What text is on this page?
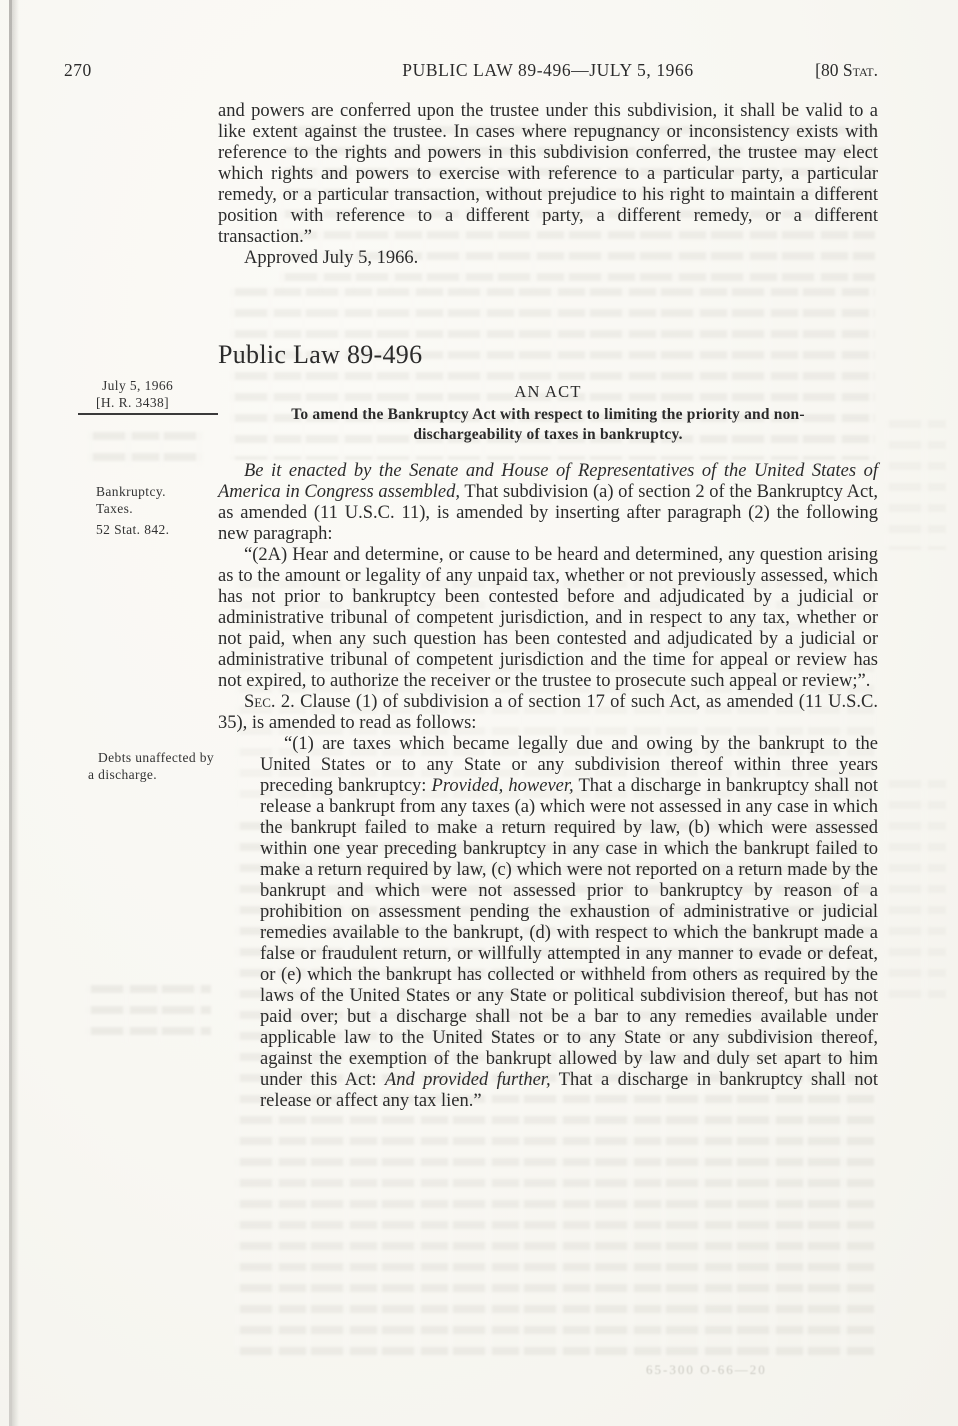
270	PUBLIC LAW 89-496—JULY 5, 1966	[80 Stat.

and powers are conferred upon the trustee under this subdivision, it shall be valid to a like extent against the trustee. In cases where repugnancy or inconsistency exists with reference to the rights and powers in this subdivision conferred, the trustee may elect which rights and powers to exercise with reference to a particular party, a particular remedy, or a particular transaction, without prejudice to his right to maintain a different position with reference to a different party, a different remedy, or a different transaction.”

Approved July 5, 1966.

Public Law 89-496
AN ACT
To amend the Bankruptcy Act with respect to limiting the priority and non-
dischargeability of taxes in bankruptcy.
July 5, 1966
[H. R. 3438]
Bankruptcy.
Taxes.
52 Stat. 842.
Debts unaffected by a discharge.

Be it enacted by the Senate and House of Representatives of the United States of America in Congress assembled, That subdivision (a) of section 2 of the Bankruptcy Act, as amended (11 U.S.C. 11), is amended by inserting after paragraph (2) the following new paragraph:

“(2A) Hear and determine, or cause to be heard and determined, any question arising as to the amount or legality of any unpaid tax, whether or not previously assessed, which has not prior to bankruptcy been contested before and adjudicated by a judicial or administrative tribunal of competent jurisdiction, and in respect to any tax, whether or not paid, when any such question has been contested and adjudicated by a judicial or administrative tribunal of competent jurisdiction and the time for appeal or review has not expired, to authorize the receiver or the trustee to prosecute such appeal or review;”.

Sec. 2. Clause (1) of subdivision a of section 17 of such Act, as amended (11 U.S.C. 35), is amended to read as follows:

“(1) are taxes which became legally due and owing by the bankrupt to the United States or to any State or any subdivision thereof within three years preceding bankruptcy: Provided, however, That a discharge in bankruptcy shall not release a bankrupt from any taxes (a) which were not assessed in any case in which the bankrupt failed to make a return required by law, (b) which were assessed within one year preceding bankruptcy in any case in which the bankrupt failed to make a return required by law, (c) which were not reported on a return made by the bankrupt and which were not assessed prior to bankruptcy by reason of a prohibition on assessment pending the exhaustion of administrative or judicial remedies available to the bankrupt, (d) with respect to which the bankrupt made a false or fraudulent return, or willfully attempted in any manner to evade or defeat, or (e) which the bankrupt has collected or withheld from others as required by the laws of the United States or any State or political subdivision thereof, but has not paid over; but a discharge shall not be a bar to any remedies available under applicable law to the United States or to any State or any subdivision thereof, against the exemption of the bankrupt allowed by law and duly set apart to him under this Act: And provided further, That a discharge in bankruptcy shall not release or affect any tax lien.”

65-300 O-66—20
